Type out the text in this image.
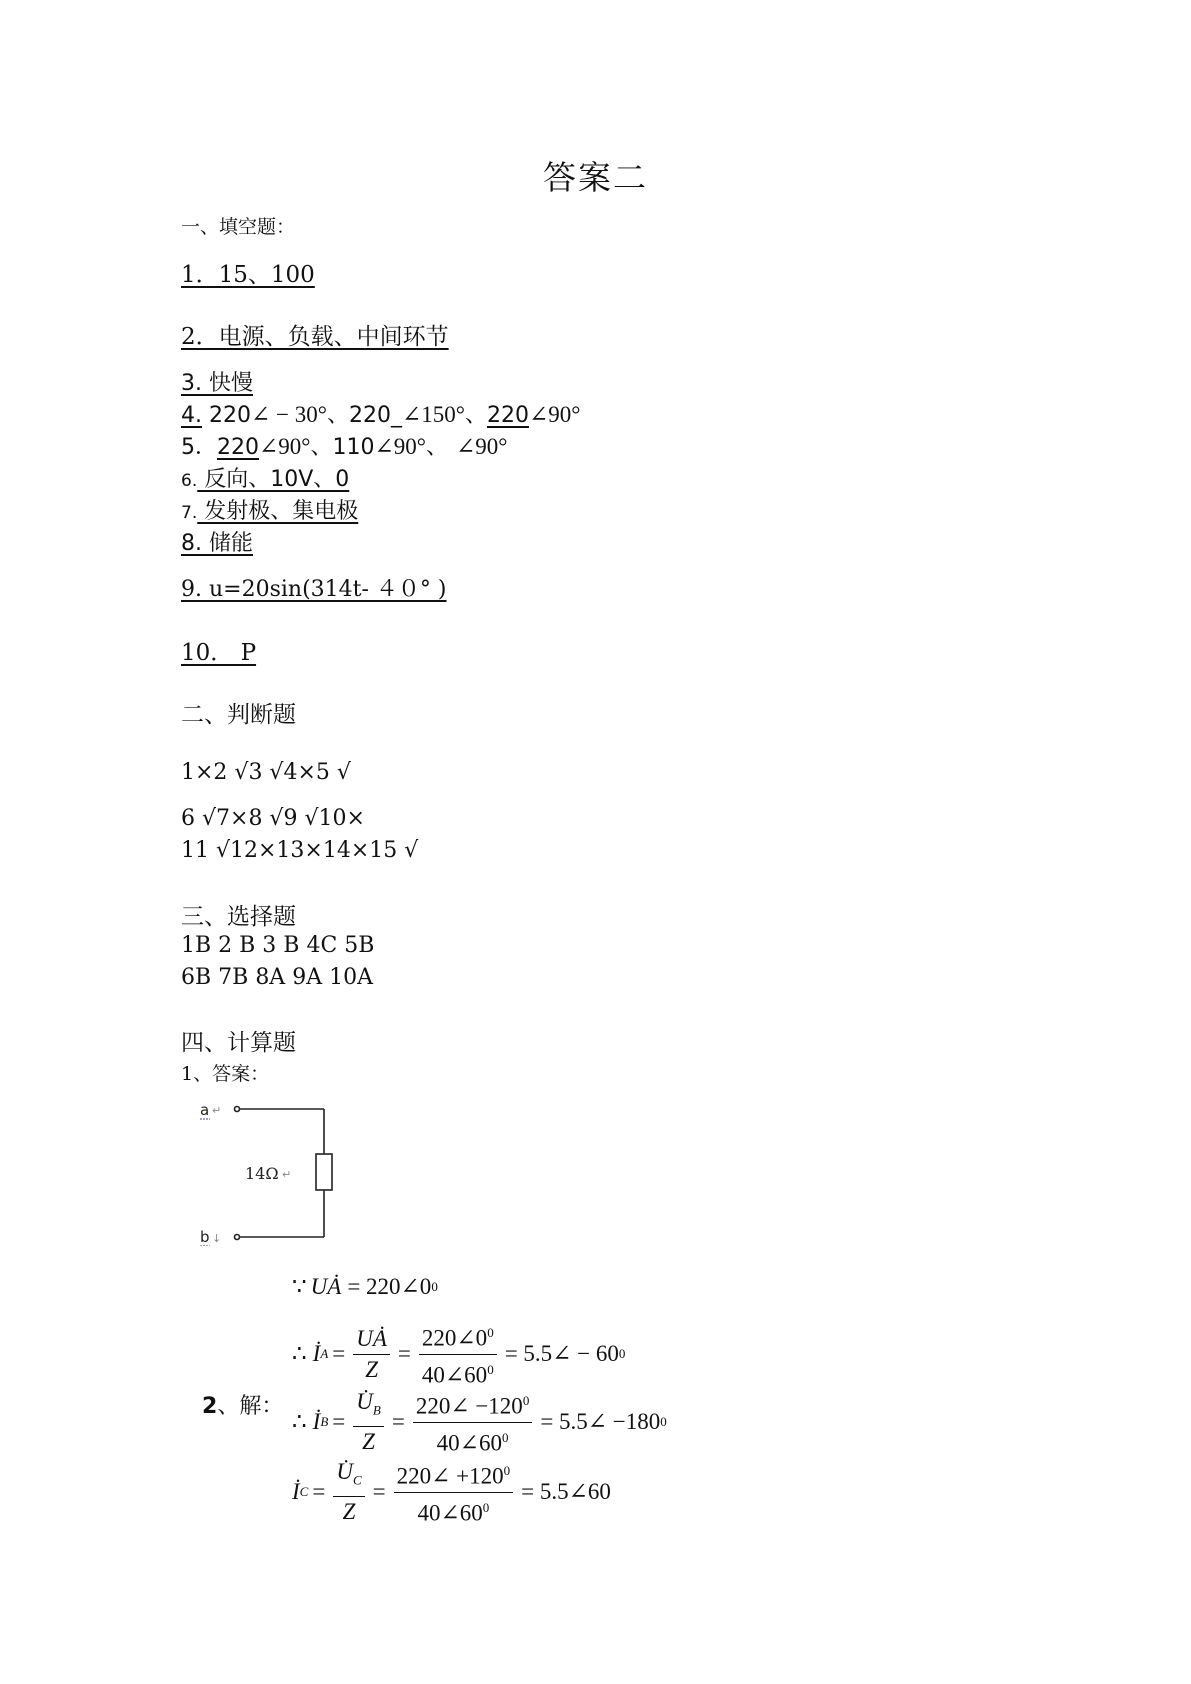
答案二
一、填空题：
1．15、100
2．电源、负载、中间环节
3. 快慢
4. 220∠ − 30°、220_∠150°、220∠90°
5．220∠90°、110∠90°、 ∠90°
6. 反向、10V、0
7. 发射极、集电极
8. 储能
9. u=20sin(314t- ４０° )
10． P
二、判断题
1×2 √3 √4×5 √
6 √7×8 √9 √10×
11 √12×13×14×15 √
三、选择题
1B 2 B 3 B 4C 5B
6B 7B 8A 9A 10A
四、计算题
1、答案：
a ↵
14Ω ↵
b ↓
2、解：
∵ UȦ = 220∠0 0
∴ İ $A = \frac{UȦ}{Z} = \frac{220\angle 0^0}{40\angle 60^0}$ = 5.5∠ − 60 0
∴ İ $B = \frac{U̇_B}{Z} = \frac{220\angle -120^0}{40\angle 60^0}$ = 5.5∠ −180 0
İ $C = \frac{U̇_C}{Z} = \frac{220\angle +120^0}{40\angle 60^0}$ = 5.5∠60
